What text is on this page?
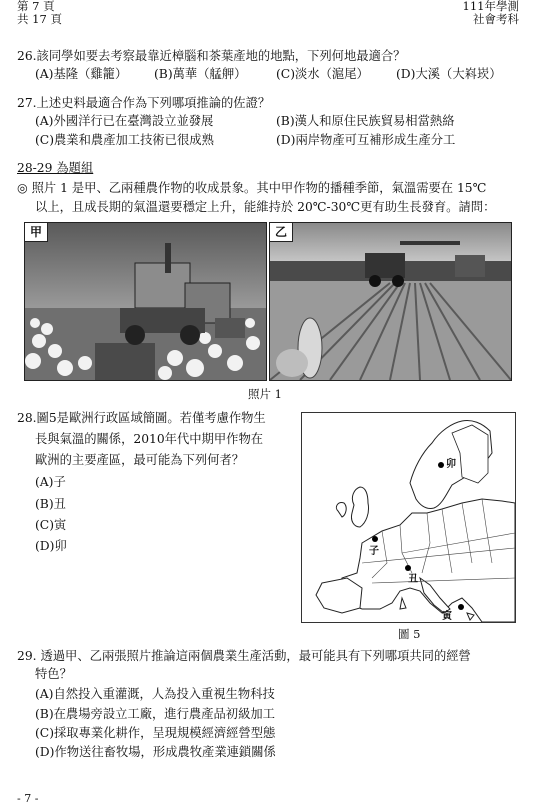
第 7 頁
共 17 頁
111年學測
社會考科
26.該同學如要去考察最靠近樟腦和茶葉產地的地點，下列何地最適合？
(A)基隆（雞籠） (B)萬華（艋舺） (C)淡水（滬尾） (D)大溪（大嵙崁）
27.上述史料最適合作為下列哪項推論的佐證？
(A)外國洋行已在臺灣設立並發展	(B)漢人和原住民族貿易相當熱絡
(C)農業和農產加工技術已很成熟	(D)兩岸物產可互補形成生產分工
28-29 為題組
◎ 照片 1 是甲、乙兩種農作物的收成景象。其中甲作物的播種季節，氣溫需要在 15℃
以上，且成長期的氣溫還要穩定上升，能維持於 20℃-30℃更有助生長發育。請問：
甲	乙
照片 1
28.圖5是歐洲行政區域簡圖。若僅考慮作物生
長與氣溫的關係，2010年代中期甲作物在
歐洲的主要產區，最可能為下列何者？
(A)子
(B)丑
(C)寅
(D)卯
卯
子
丑
寅
圖 5
29. 透過甲、乙兩張照片推論這兩個農業生產活動，最可能具有下列哪項共同的經營
特色？
(A)自然投入重灌溉，人為投入重視生物科技
(B)在農場旁設立工廠，進行農產品初級加工
(C)採取專業化耕作，呈現規模經濟經營型態
(D)作物送往畜牧場，形成農牧產業連鎖關係
- 7 -
